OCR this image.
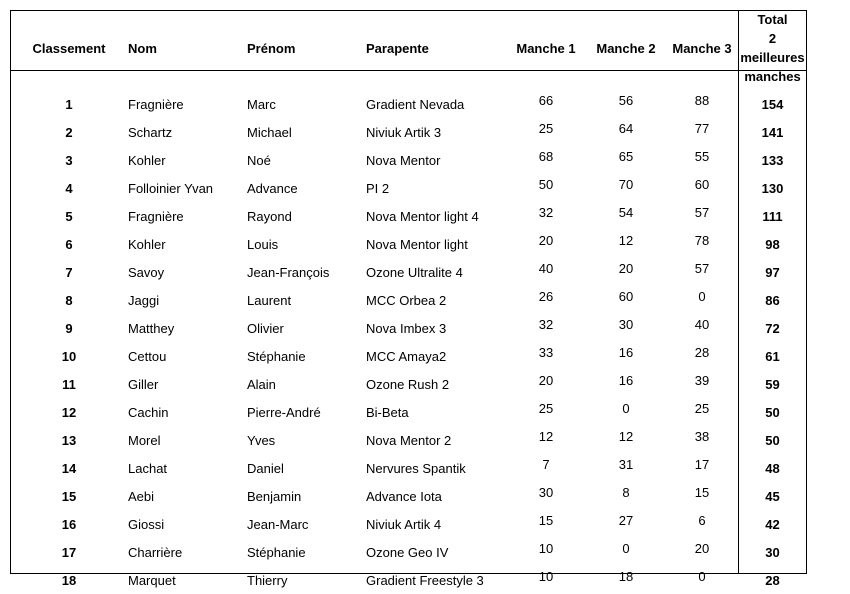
Classement	Nom	Prénom	Parapente	Manche 1	Manche 2	Manche 3	Total
2 meilleures
manches

1	Fragnière	Marc	Gradient Nevada	66	56	88	154
2	Schartz	Michael	Niviuk Artik 3	25	64	77	141
3	Kohler	Noé	Nova Mentor	68	65	55	133
4	Folloinier Yvan	Advance	PI 2	50	70	60	130
5	Fragnière	Rayond	Nova Mentor light 4	32	54	57	111
6	Kohler	Louis	Nova Mentor light	20	12	78	98
7	Savoy	Jean-François	Ozone Ultralite 4	40	20	57	97
8	Jaggi	Laurent	MCC Orbea 2	26	60	0	86
9	Matthey	Olivier	Nova Imbex 3	32	30	40	72
10	Cettou	Stéphanie	MCC Amaya2	33	16	28	61
11	Giller	Alain	Ozone Rush 2	20	16	39	59
12	Cachin	Pierre-André	Bi-Beta	25	0	25	50
13	Morel	Yves	Nova Mentor 2	12	12	38	50
14	Lachat	Daniel	Nervures Spantik	7	31	17	48
15	Aebi	Benjamin	Advance Iota	30	8	15	45
16	Giossi	Jean-Marc	Niviuk Artik 4	15	27	6	42
17	Charrière	Stéphanie	Ozone Geo IV	10	0	20	30
18	Marquet	Thierry	Gradient Freestyle 3	10	18	0	28
